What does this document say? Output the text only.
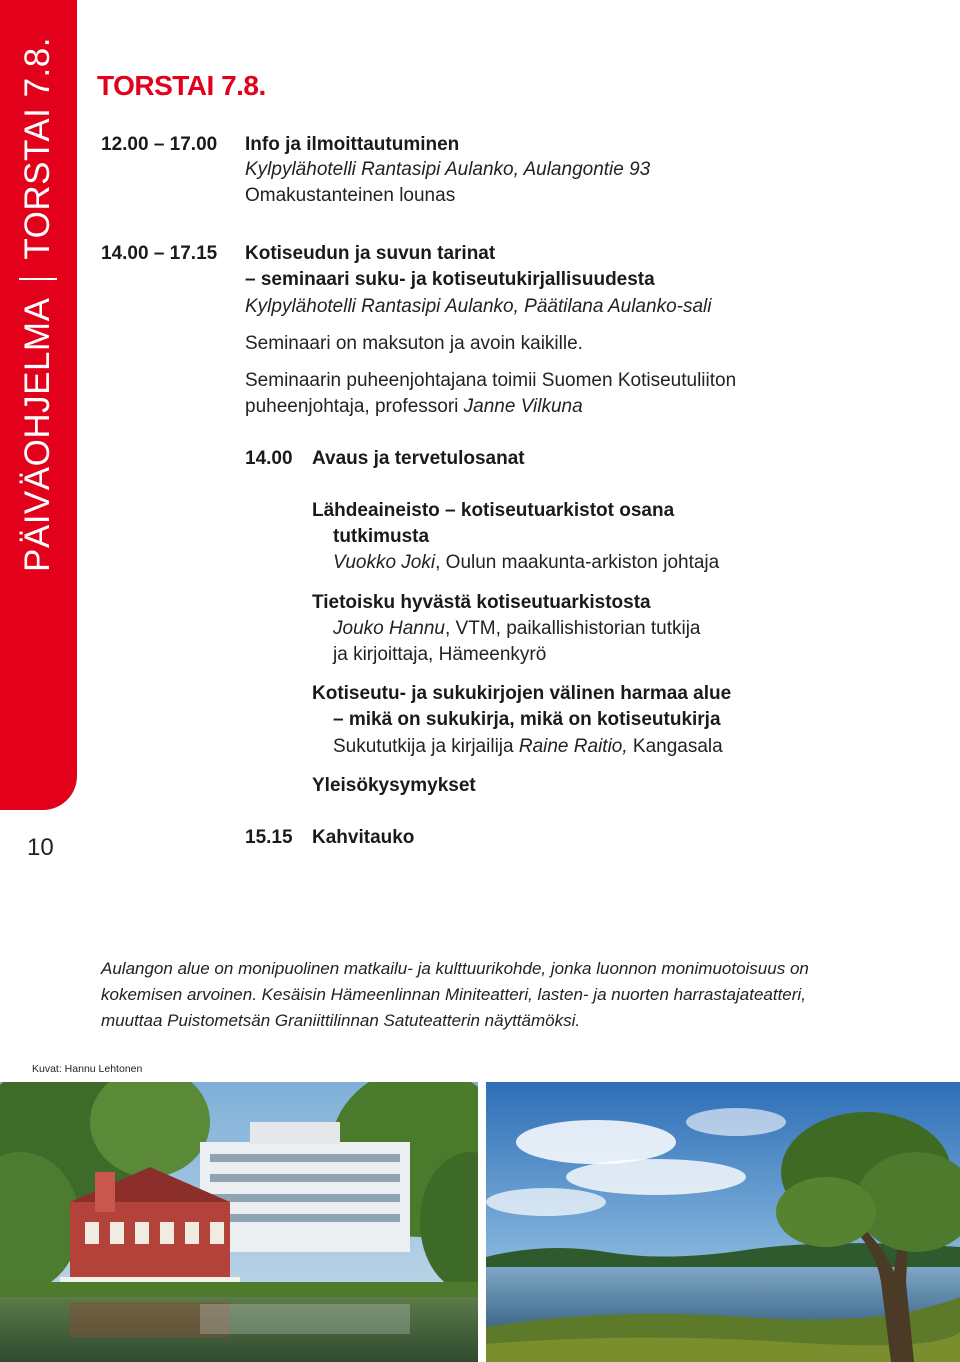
PÄIVÄOHJELMA
TORSTAI 7.8.
10
TORSTAI 7.8.
12.00 – 17.00 Info ja ilmoittautuminen
Kylpylähotelli Rantasipi Aulanko, Aulangontie 93
Omakustanteinen lounas
14.00 – 17.15 Kotiseudun ja suvun tarinat
– seminaari suku- ja kotiseutukirjallisuudesta
Kylpylähotelli Rantasipi Aulanko, Päätilana Aulanko-sali
Seminaari on maksuton ja avoin kaikille.
Seminaarin puheenjohtajana toimii Suomen Kotiseutuliiton
puheenjohtaja, professori Janne Vilkuna
14.00 Avaus ja tervetulosanat
Lähdeaineisto – kotiseutuarkistot osana
tutkimusta
Vuokko Joki, Oulun maakunta-arkiston johtaja
Tietoisku hyvästä kotiseutuarkistosta
Jouko Hannu, VTM, paikallishistorian tutkija
ja kirjoittaja, Hämeenkyrö
Kotiseutu- ja sukukirjojen välinen harmaa alue
– mikä on sukukirja, mikä on kotiseutukirja
Sukututkija ja kirjailija Raine Raitio, Kangasala
Yleisökysymykset
15.15 Kahvitauko
Aulangon alue on monipuolinen matkailu- ja kulttuurikohde, jonka luonnon monimuotoisuus on
kokemisen arvoinen. Kesäisin Hämeenlinnan Miniteatteri, lasten- ja nuorten harrastajateatteri,
muuttaa Puistometsän Graniittilinnan Satuteatterin näyttämöksi.
Kuvat: Hannu Lehtonen
